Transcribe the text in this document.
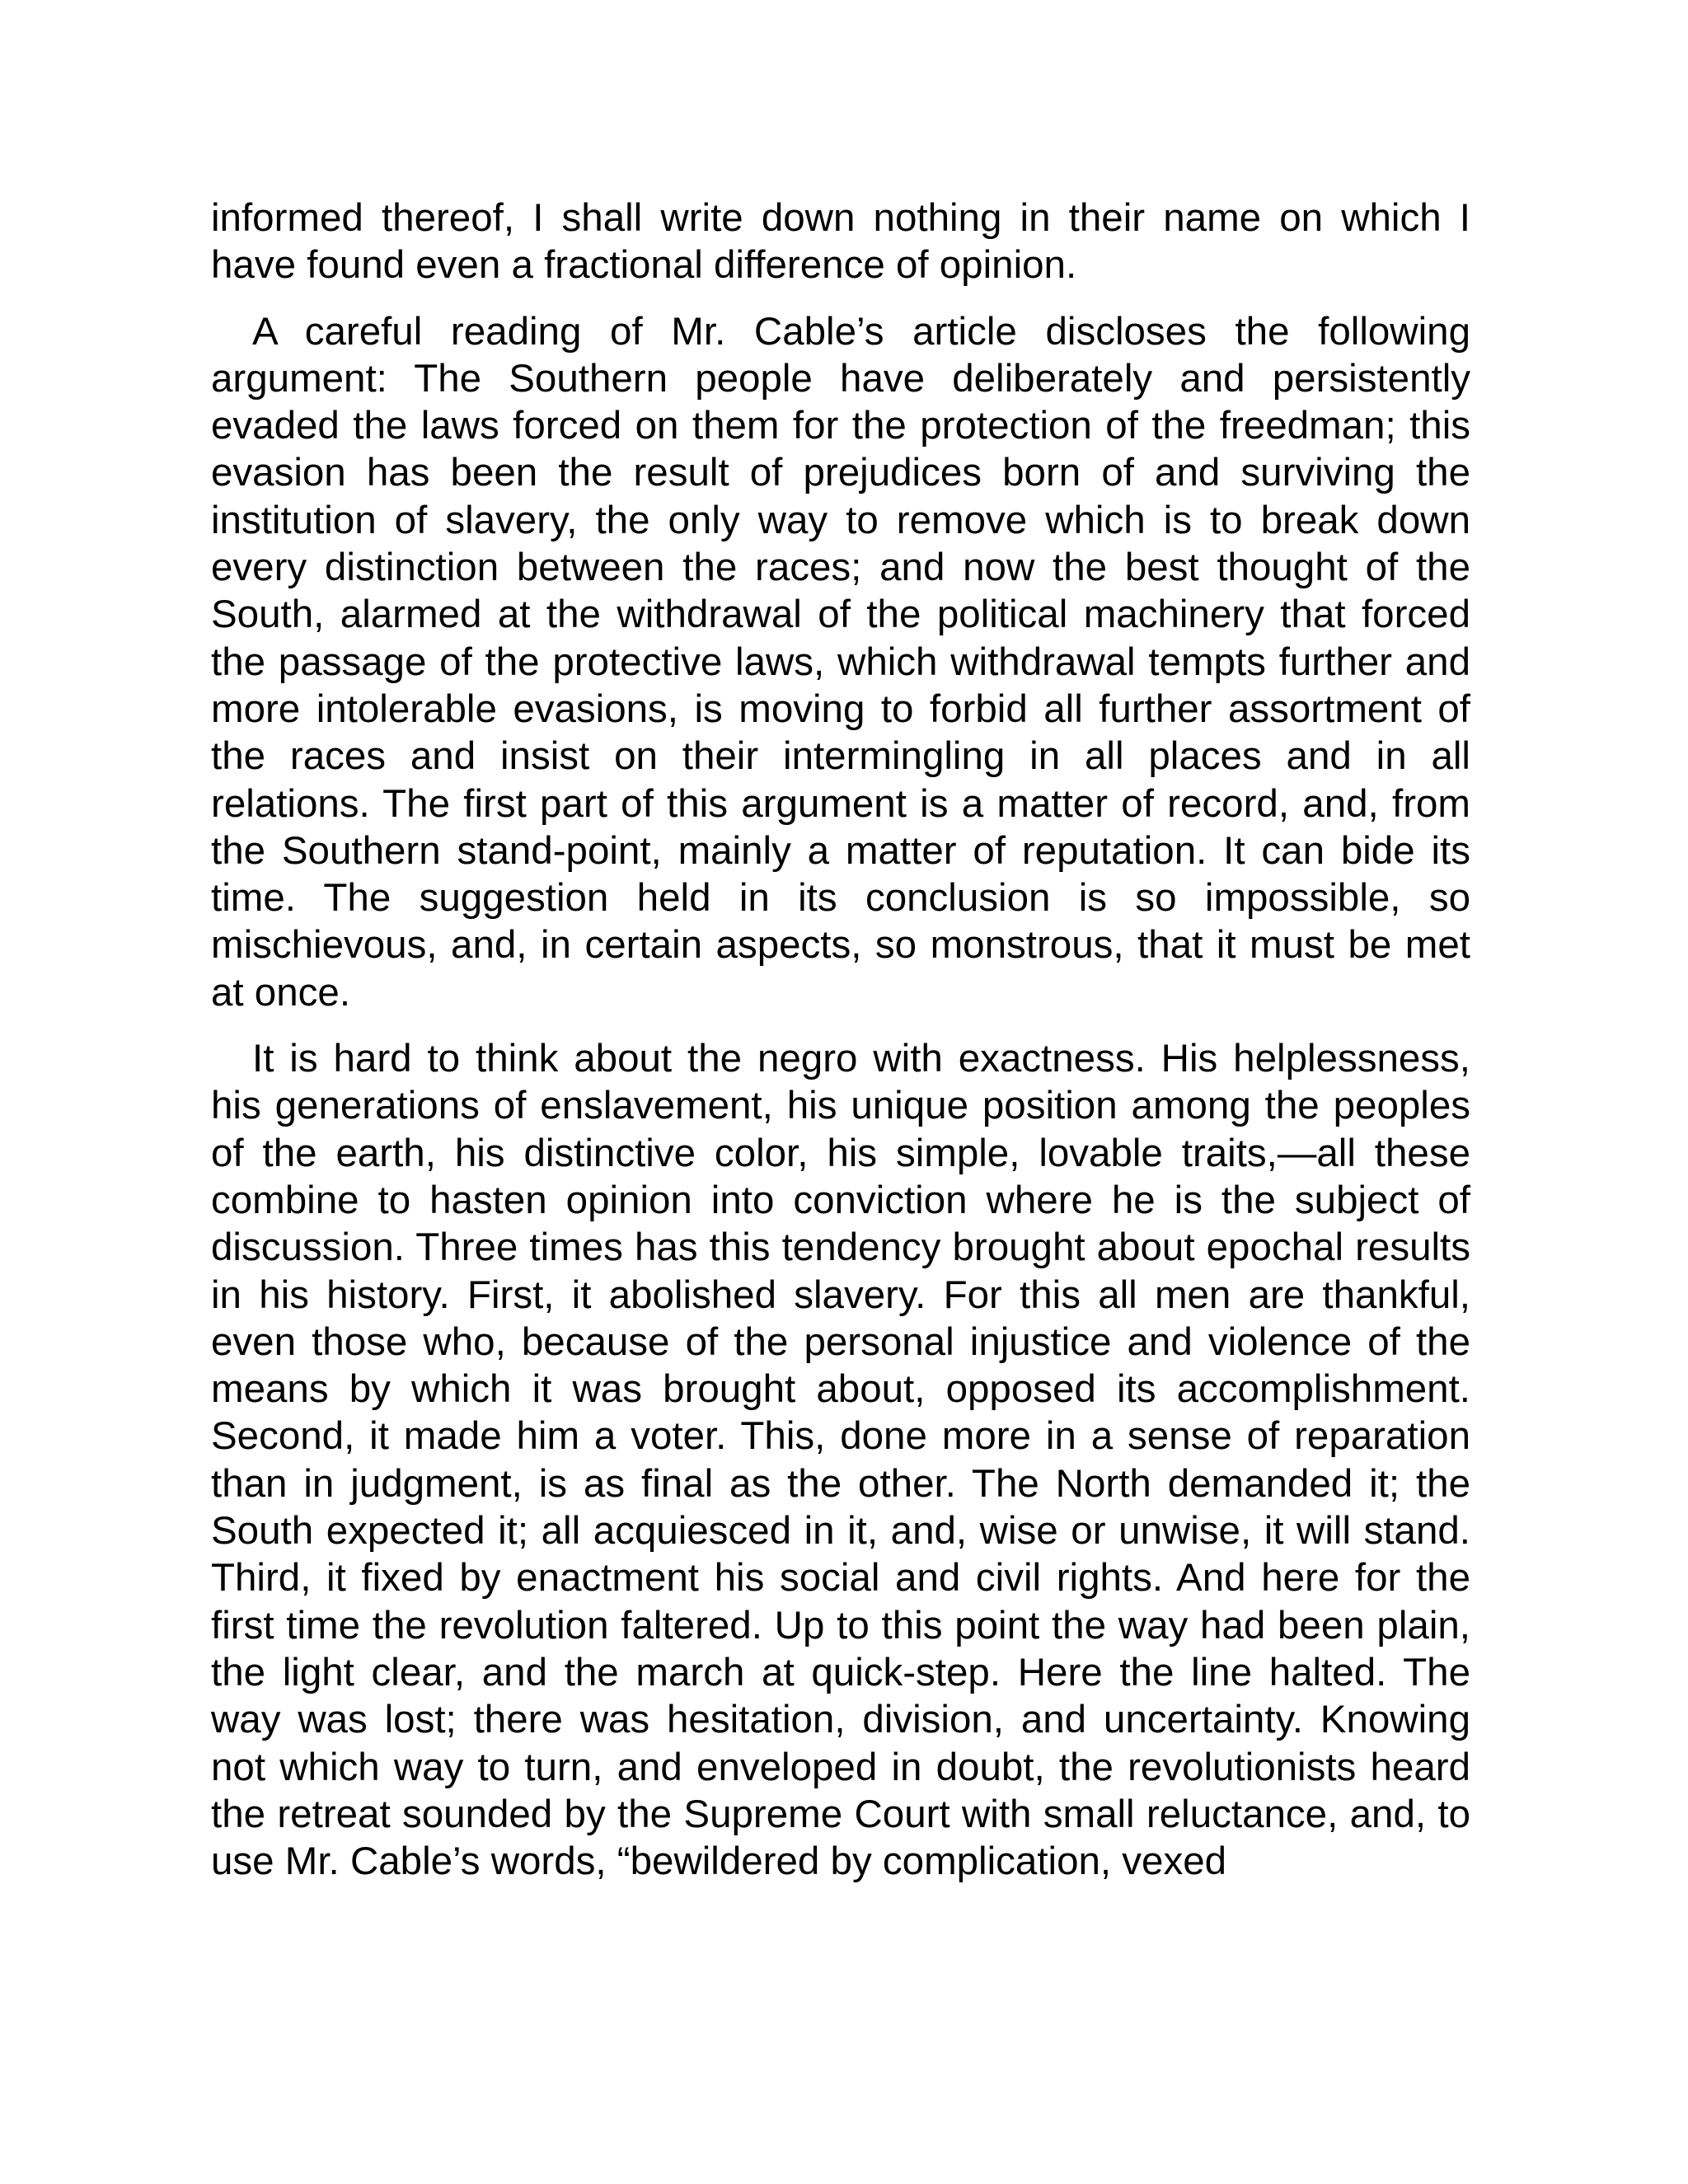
informed thereof, I shall write down nothing in their name on which I have found even a fractional difference of opinion.

A careful reading of Mr. Cable’s article discloses the following argument: The Southern people have deliberately and persistently evaded the laws forced on them for the protection of the freedman; this evasion has been the result of prejudices born of and surviving the institution of slavery, the only way to remove which is to break down every distinction between the races; and now the best thought of the South, alarmed at the withdrawal of the political machinery that forced the passage of the protective laws, which withdrawal tempts further and more intolerable evasions, is moving to forbid all further assortment of the races and insist on their intermingling in all places and in all relations. The first part of this argument is a matter of record, and, from the Southern stand-point, mainly a matter of reputation. It can bide its time. The suggestion held in its conclusion is so impossible, so mischievous, and, in certain aspects, so monstrous, that it must be met at once.

It is hard to think about the negro with exactness. His helplessness, his generations of enslavement, his unique position among the peoples of the earth, his distinctive color, his simple, lovable traits,—all these combine to hasten opinion into conviction where he is the subject of discussion. Three times has this tendency brought about epochal results in his history. First, it abolished slavery. For this all men are thankful, even those who, because of the personal injustice and violence of the means by which it was brought about, opposed its accomplishment. Second, it made him a voter. This, done more in a sense of reparation than in judgment, is as final as the other. The North demanded it; the South expected it; all acquiesced in it, and, wise or unwise, it will stand. Third, it fixed by enactment his social and civil rights. And here for the first time the revolution faltered. Up to this point the way had been plain, the light clear, and the march at quick-step. Here the line halted. The way was lost; there was hesitation, division, and uncertainty. Knowing not which way to turn, and enveloped in doubt, the revolutionists heard the retreat sounded by the Supreme Court with small reluctance, and, to use Mr. Cable’s words, “bewildered by complication, vexed
